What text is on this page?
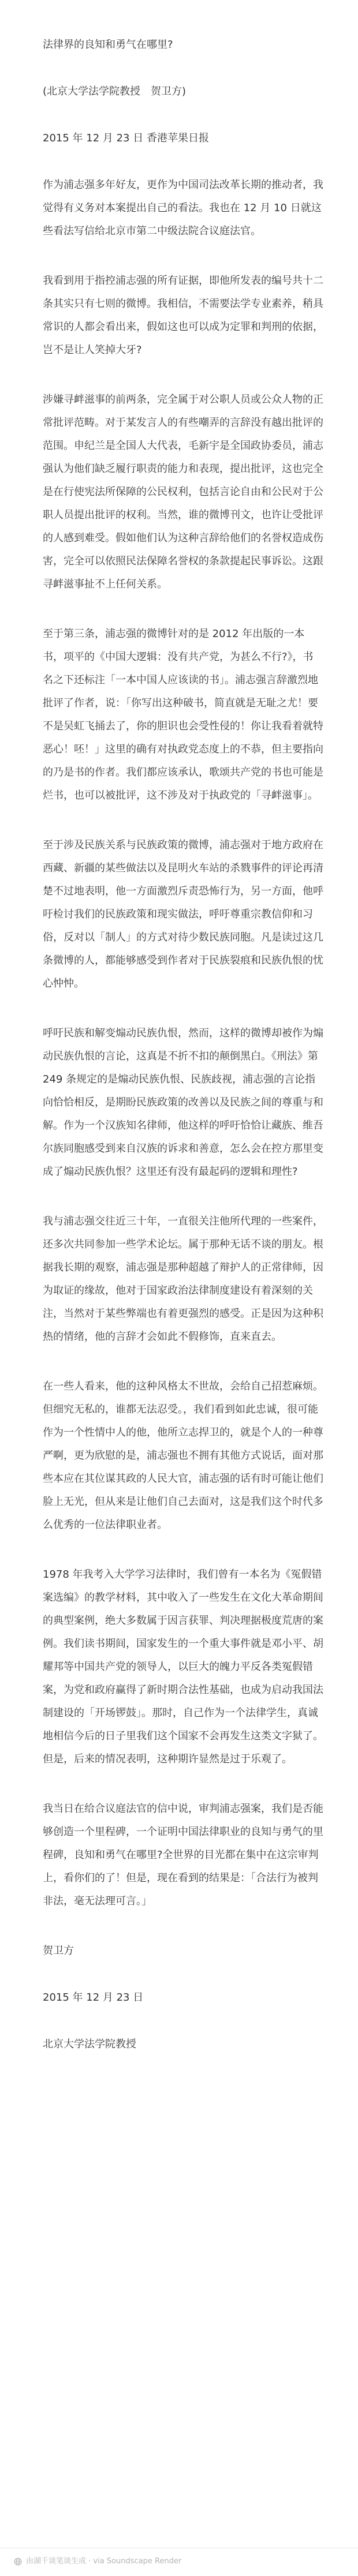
法律界的良知和勇气在哪里?
(北京大学法学院教授　贺卫方)
2015 年 12 月 23 日 香港苹果日报

作为浦志强多年好友，更作为中国司法改革长期的推动者，我觉得有义务对本案提出自己的看法。我也在 12 月 10 日就这些看法写信给北京市第二中级法院合议庭法官。

我看到用于指控浦志强的所有证据，即他所发表的编号共十二条其实只有七则的微博。我相信，不需要法学专业素养，稍具常识的人都会看出来，假如这也可以成为定罪和判刑的依据，岂不是让人笑掉大牙?

涉嫌寻衅滋事的前两条，完全属于对公职人员或公众人物的正常批评范畴。对于某发言人的有些嘲弄的言辞没有越出批评的范围。申纪兰是全国人大代表，毛新宇是全国政协委员，浦志强认为他们缺乏履行职责的能力和表现，提出批评，这也完全是在行使宪法所保障的公民权利，包括言论自由和公民对于公职人员提出批评的权利。当然，谁的微博刊文，也许让受批评的人感到难受。假如他们认为这种言辞给他们的名誉权造成伤害，完全可以依照民法保障名誉权的条款提起民事诉讼。这跟寻衅滋事扯不上任何关系。

至于第三条，浦志强的微博针对的是 2012 年出版的一本书，项平的《中国大逻辑：没有共产党，为甚么不行?》，书名之下还标注「一本中国人应该读的书」。浦志强言辞激烈地批评了作者，说：「你写出这种破书，简直就是无耻之尤！要不是吴虹飞捅去了，你的胆识也会受性侵的！你让我看着就特恶心！呸！」这里的确有对执政党态度上的不恭，但主要指向的乃是书的作者。我们都应该承认，歌颂共产党的书也可能是烂书，也可以被批评，这不涉及对于执政党的「寻衅滋事」。

至于涉及民族关系与民族政策的微博，浦志强对于地方政府在西藏、新疆的某些做法以及昆明火车站的杀戮事件的评论再清楚不过地表明，他一方面激烈斥责恐怖行为，另一方面，他呼吁检讨我们的民族政策和现实做法，呼吁尊重宗教信仰和习俗，反对以「制人」的方式对待少数民族同胞。凡是读过这几条微博的人，都能够感受到作者对于民族裂痕和民族仇恨的忧心忡忡。

呼吁民族和解变煽动民族仇恨，然而，这样的微博却被作为煽动民族仇恨的言论，这真是不折不扣的颠倒黑白。《刑法》第 249 条规定的是煽动民族仇恨、民族歧视，浦志强的言论指向恰恰相反，是期盼民族政策的改善以及民族之间的尊重与和解。作为一个汉族知名律师，他这样的呼吁恰恰让藏族、维吾尔族同胞感受到来自汉族的诉求和善意，怎么会在控方那里变成了煽动民族仇恨？这里还有没有最起码的逻辑和理性?

我与浦志强交往近三十年，一直很关注他所代理的一些案件，还多次共同参加一些学术论坛。属于那种无话不谈的朋友。根据我长期的观察，浦志强是那种超越了辩护人的正常律师，因为取证的缘故，他对于国家政治法律制度建设有着深刻的关注，当然对于某些弊端也有着更强烈的感受。正是因为这种积热的情绪，他的言辞才会如此不假修饰，直来直去。

在一些人看来，他的这种风格太不世故，会给自己招惹麻烦。但细究无私的，谁都无法忍受。，我们看到如此忠诚，很可能作为一个性情中人的他，他所立志捍卫的，就是个人的一种尊严啊，更为欣慰的是，浦志强也不拥有其他方式说话，面对那些本应在其位谋其政的人民大官，浦志强的话有时可能让他们脸上无光，但从来是让他们自己去面对，这是我们这个时代多么优秀的一位法律职业者。

1978 年我考入大学学习法律时，我们曾有一本名为《冤假错案选编》的教学材料，其中收入了一些发生在文化大革命期间的典型案例，绝大多数属于因言获罪、判决理据极度荒唐的案例。我们读书期间，国家发生的一个重大事件就是邓小平、胡耀邦等中国共产党的领导人，以巨大的魄力平反各类冤假错案，为党和政府赢得了新时期合法性基础，也成为启动我国法制建设的「开场锣鼓」。那时，自己作为一个法律学生，真诚地相信今后的日子里我们这个国家不会再发生这类文字狱了。但是，后来的情况表明，这种期许显然是过于乐观了。

我当日在给合议庭法官的信中说，审判浦志强案，我们是否能够创造一个里程碑，一个证明中国法律职业的良知与勇气的里程碑，良知和勇气在哪里?全世界的目光都在集中在这宗审判上，看你们的了！但是，现在看到的结果是：「合法行为被判非法，毫无法理可言。」

贺卫方
2015 年 12 月 23 日
北京大学法学院教授
由湖千谈笔谈生成 · via Soundscape Render
